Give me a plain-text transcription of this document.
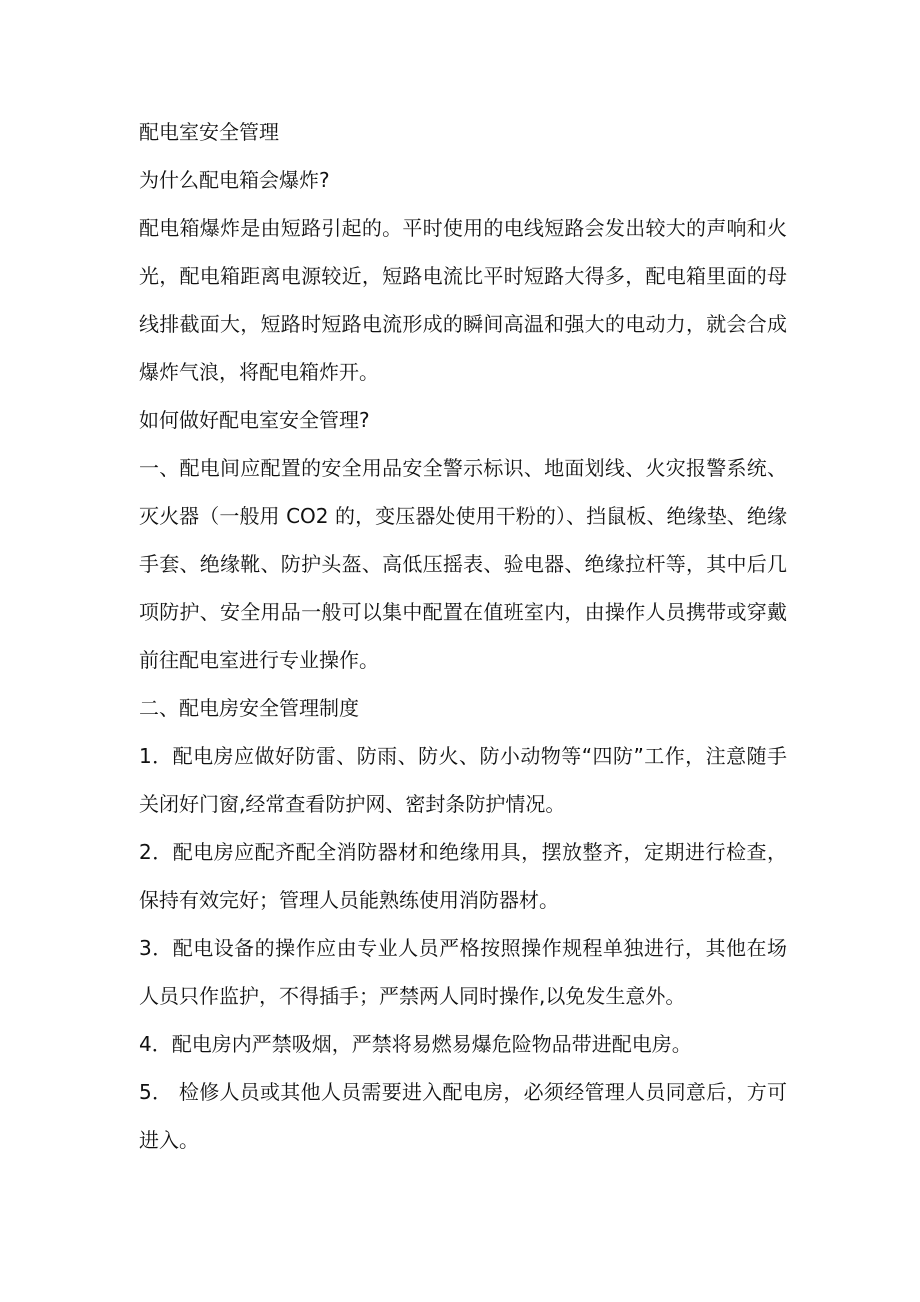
配电室安全管理

为什么配电箱会爆炸?

配电箱爆炸是由短路引起的。平时使用的电线短路会发出较大的声响和火光，配电箱距离电源较近，短路电流比平时短路大得多，配电箱里面的母线排截面大，短路时短路电流形成的瞬间高温和强大的电动力，就会合成爆炸气浪，将配电箱炸开。

如何做好配电室安全管理?

一、配电间应配置的安全用品安全警示标识、地面划线、火灾报警系统、灭火器（一般用 CO2 的，变压器处使用干粉的）、挡鼠板、绝缘垫、绝缘手套、绝缘靴、防护头盔、高低压摇表、验电器、绝缘拉杆等，其中后几项防护、安全用品一般可以集中配置在值班室内，由操作人员携带或穿戴前往配电室进行专业操作。

二、配电房安全管理制度

1．配电房应做好防雷、防雨、防火、防小动物等“四防”工作，注意随手关闭好门窗,经常查看防护网、密封条防护情况。

2．配电房应配齐配全消防器材和绝缘用具，摆放整齐，定期进行检查，保持有效完好；管理人员能熟练使用消防器材。

3．配电设备的操作应由专业人员严格按照操作规程单独进行，其他在场人员只作监护，不得插手；严禁两人同时操作,以免发生意外。

4．配电房内严禁吸烟，严禁将易燃易爆危险物品带进配电房。

5． 检修人员或其他人员需要进入配电房，必须经管理人员同意后，方可进入。
